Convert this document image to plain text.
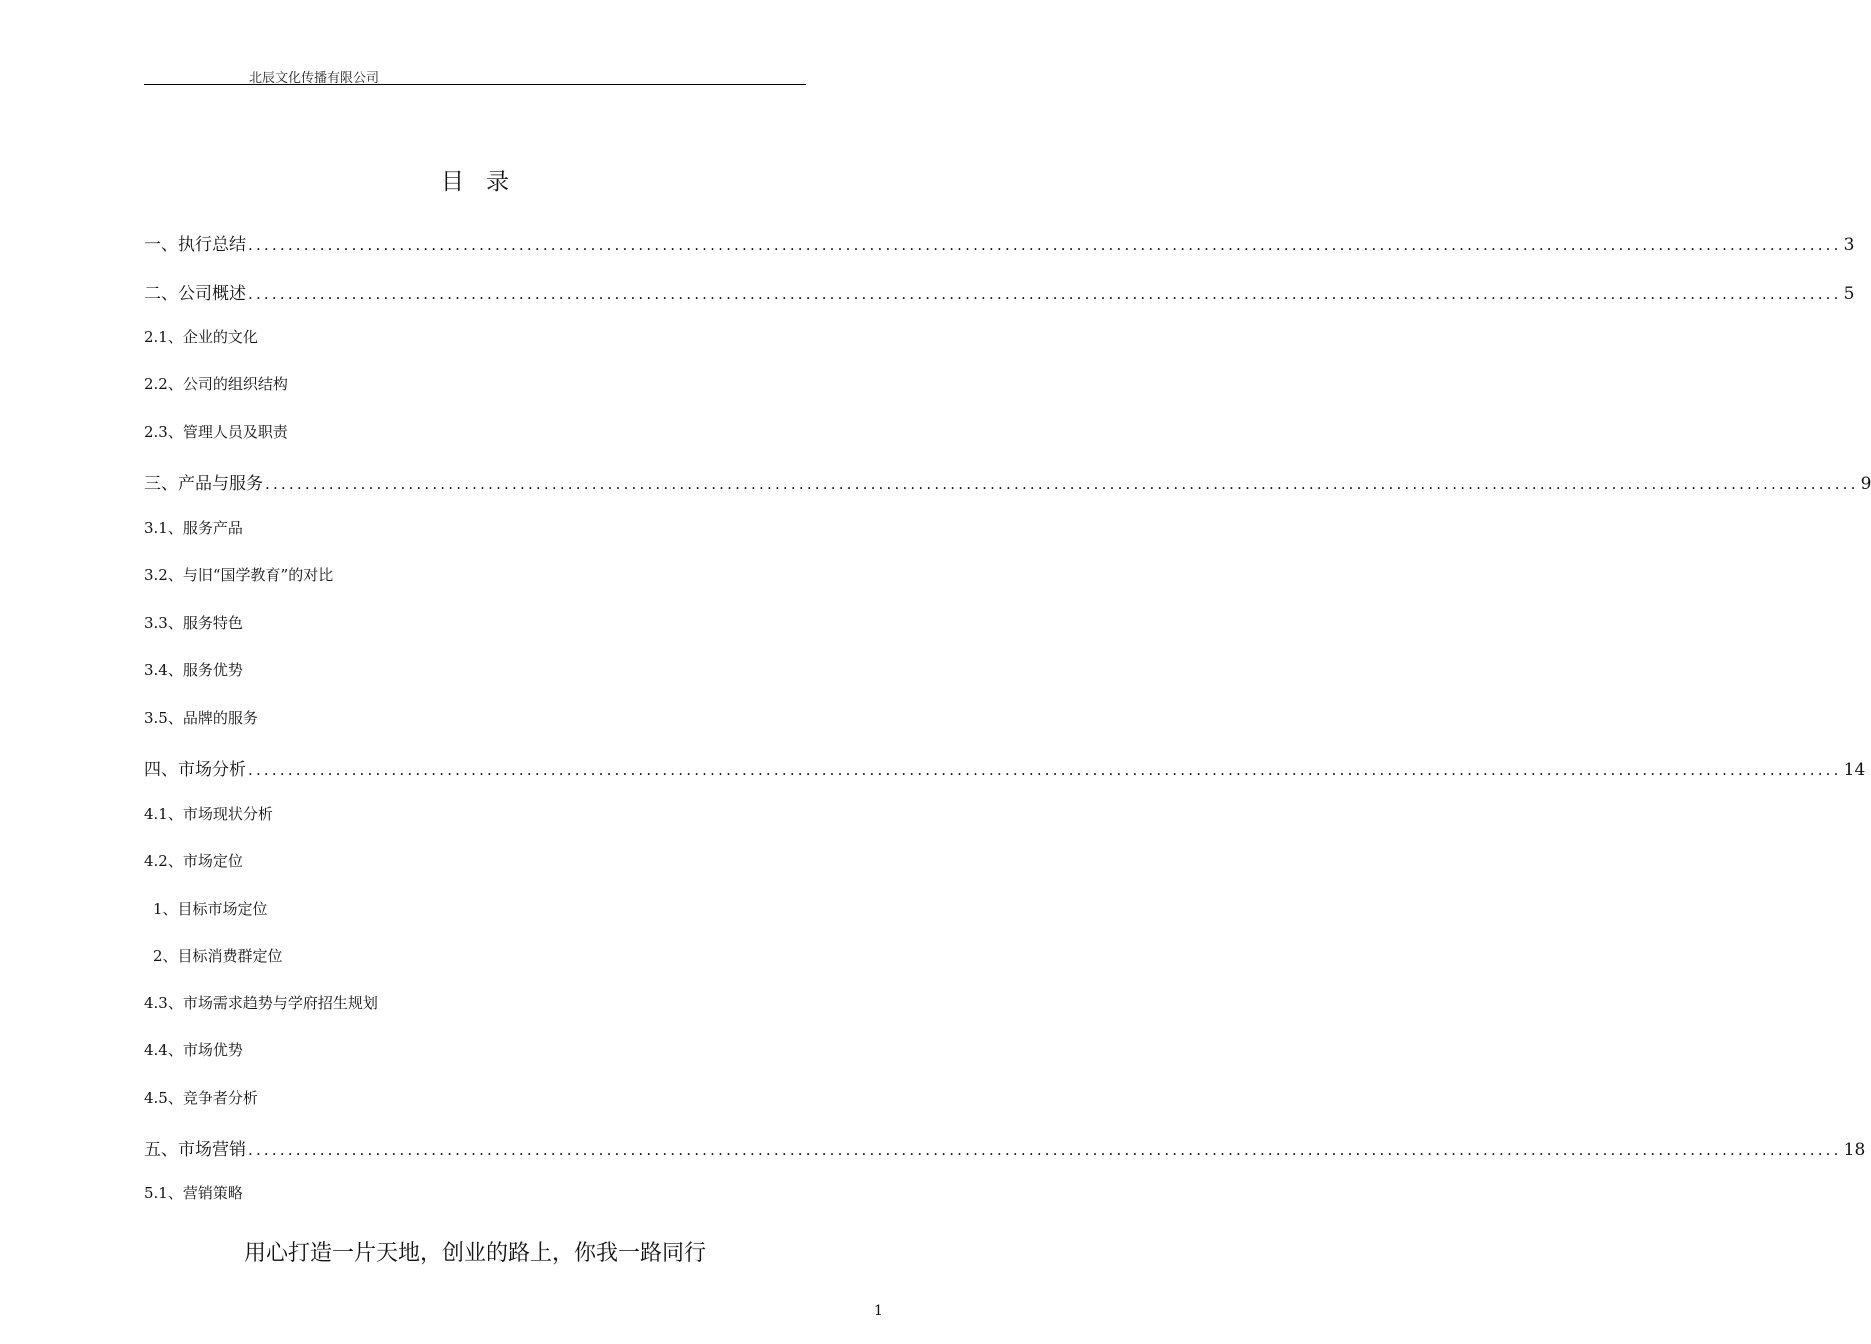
北辰文化传播有限公司
目录
一、执行总结 ........................................................................................................................................................................................................ 3
二、公司概述 ........................................................................................................................................................................................................ 5
2.1、企业的文化
2.2、公司的组织结构
2.3、管理人员及职责
三、产品与服务 ........................................................................................................................................................................................................ 9
3.1、服务产品
3.2、与旧“国学教育”的对比
3.3、服务特色
3.4、服务优势
3.5、品牌的服务
四、市场分析 ........................................................................................................................................................................................................ 14
4.1、市场现状分析
4.2、市场定位
1、目标市场定位
2、目标消费群定位
4.3、市场需求趋势与学府招生规划
4.4、市场优势
4.5、竞争者分析
五、市场营销 ........................................................................................................................................................................................................ 18
5.1、营销策略
用心打造一片天地，创业的路上，你我一路同行
1
